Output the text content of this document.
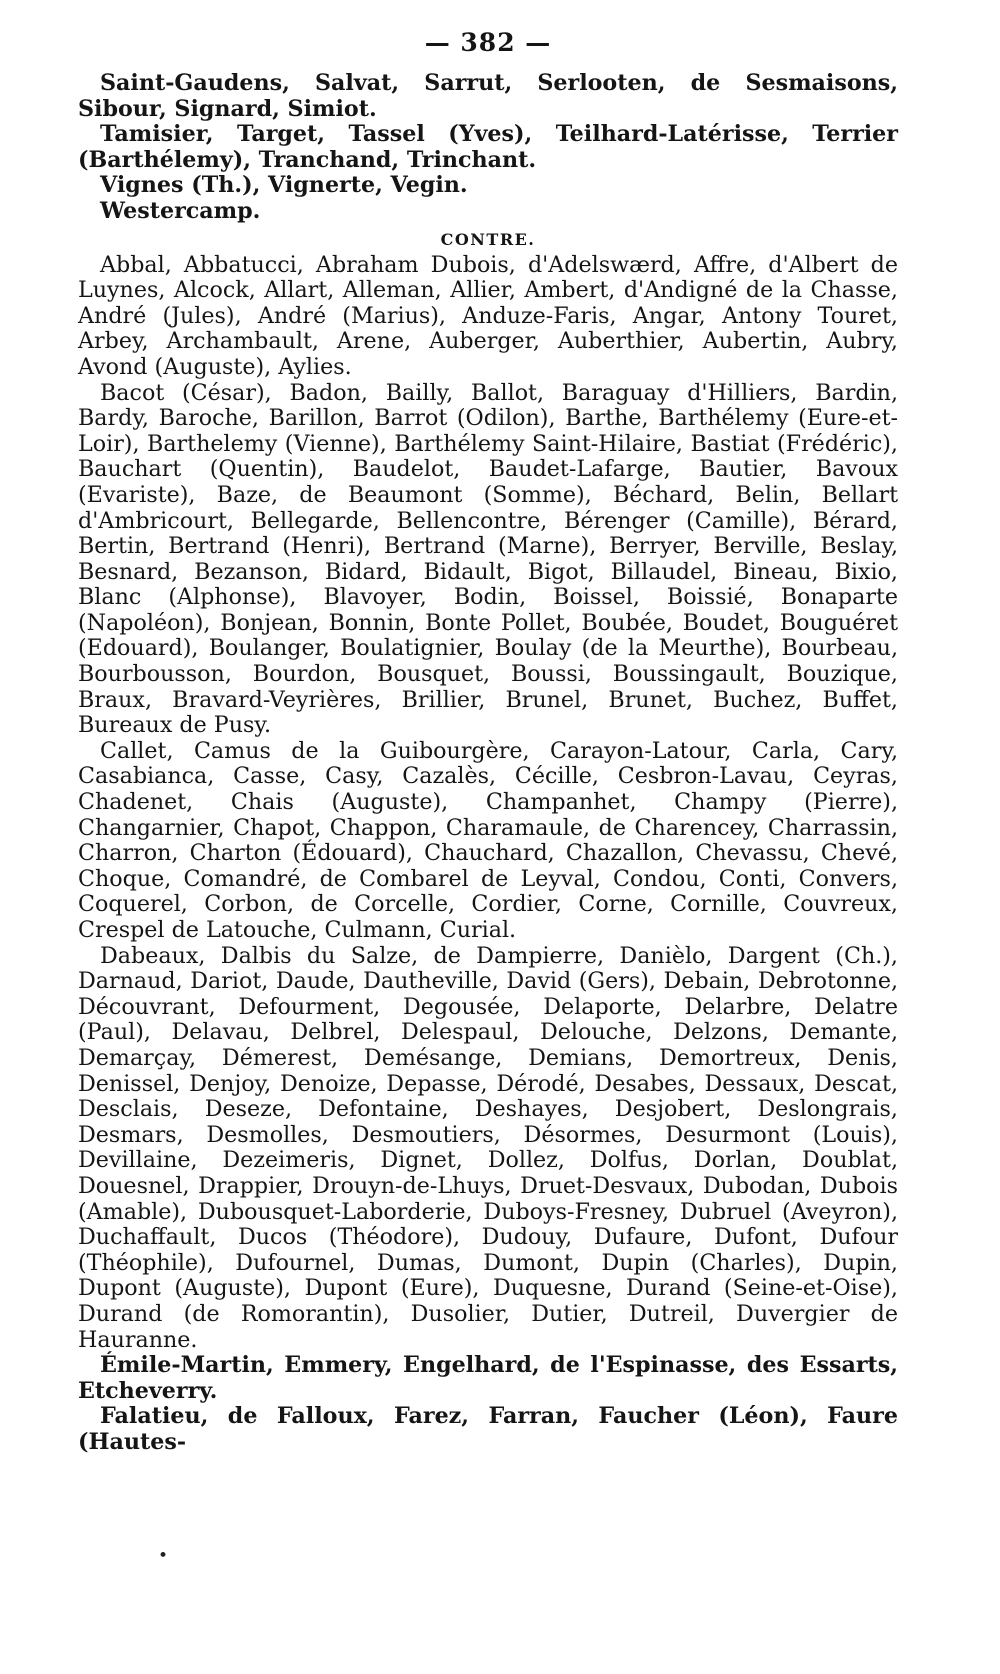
— 382 —

Saint-Gaudens, Salvat, Sarrut, Serlooten, de Sesmaisons, Sibour, Signard, Simiot.

Tamisier, Target, Tassel (Yves), Teilhard-Latérisse, Terrier (Barthélemy), Tranchand, Trinchant.

Vignes (Th.), Vignerte, Vegin.

Westercamp.

CONTRE.

Abbal, Abbatucci, Abraham Dubois, d'Adelswærd, Affre, d'Albert de Luynes, Alcock, Allart, Alleman, Allier, Ambert, d'Andigné de la Chasse, André (Jules), André (Marius), Anduze-Faris, Angar, Antony Touret, Arbey, Archambault, Arene, Auberger, Auberthier, Aubertin, Aubry, Avond (Auguste), Aylies.

Bacot (César), Badon, Bailly, Ballot, Baraguay d'Hilliers, Bardin, Bardy, Baroche, Barillon, Barrot (Odilon), Barthe, Barthélemy (Eure-et-Loir), Barthelemy (Vienne), Barthélemy Saint-Hilaire, Bastiat (Frédéric), Bauchart (Quentin), Baudelot, Baudet-Lafarge, Bautier, Bavoux (Evariste), Baze, de Beaumont (Somme), Béchard, Belin, Bellart d'Ambricourt, Bellegarde, Bellencontre, Bérenger (Camille), Bérard, Bertin, Bertrand (Henri), Bertrand (Marne), Berryer, Berville, Beslay, Besnard, Bezanson, Bidard, Bidault, Bigot, Billaudel, Bineau, Bixio, Blanc (Alphonse), Blavoyer, Bodin, Boissel, Boissié, Bonaparte (Napoléon), Bonjean, Bonnin, Bonte Pollet, Boubée, Boudet, Bouguéret (Edouard), Boulanger, Boulatignier, Boulay (de la Meurthe), Bourbeau, Bourbousson, Bourdon, Bousquet, Boussi, Boussingault, Bouzique, Braux, Bravard-Veyrières, Brillier, Brunel, Brunet, Buchez, Buffet, Bureaux de Pusy.

Callet, Camus de la Guibourgère, Carayon-Latour, Carla, Cary, Casabianca, Casse, Casy, Cazalès, Cécille, Cesbron-Lavau, Ceyras, Chadenet, Chais (Auguste), Champanhet, Champy (Pierre), Changarnier, Chapot, Chappon, Charamaule, de Charencey, Charrassin, Charron, Charton (Édouard), Chauchard, Chazallon, Chevassu, Chevé, Choque, Comandré, de Combarel de Leyval, Condou, Conti, Convers, Coquerel, Corbon, de Corcelle, Cordier, Corne, Cornille, Couvreux, Crespel de Latouche, Culmann, Curial.

Dabeaux, Dalbis du Salze, de Dampierre, Danièlo, Dargent (Ch.), Darnaud, Dariot, Daude, Dautheville, David (Gers), Debain, Debrotonne, Découvrant, Defourment, Degousée, Delaporte, Delarbre, Delatre (Paul), Delavau, Delbrel, Delespaul, Delouche, Delzons, Demante, Demarçay, Démerest, Demésange, Demians, Demortreux, Denis, Denissel, Denjoy, Denoize, Depasse, Dérodé, Desabes, Dessaux, Descat, Desclais, Deseze, Defontaine, Deshayes, Desjobert, Deslongrais, Desmars, Desmolles, Desmoutiers, Désormes, Desurmont (Louis), Devillaine, Dezeimeris, Dignet, Dollez, Dolfus, Dorlan, Doublat, Douesnel, Drappier, Drouyn-de-Lhuys, Druet-Desvaux, Dubodan, Dubois (Amable), Dubousquet-Laborderie, Duboys-Fresney, Dubruel (Aveyron), Duchaffault, Ducos (Théodore), Dudouy, Dufaure, Dufont, Dufour (Théophile), Dufournel, Dumas, Dumont, Dupin (Charles), Dupin, Dupont (Auguste), Dupont (Eure), Duquesne, Durand (Seine-et-Oise), Durand (de Romorantin), Dusolier, Dutier, Dutreil, Duvergier de Hauranne.

Émile-Martin, Emmery, Engelhard, de l'Espinasse, des Essarts, Etcheverry.

Falatieu, de Falloux, Farez, Farran, Faucher (Léon), Faure (Hautes-

•
